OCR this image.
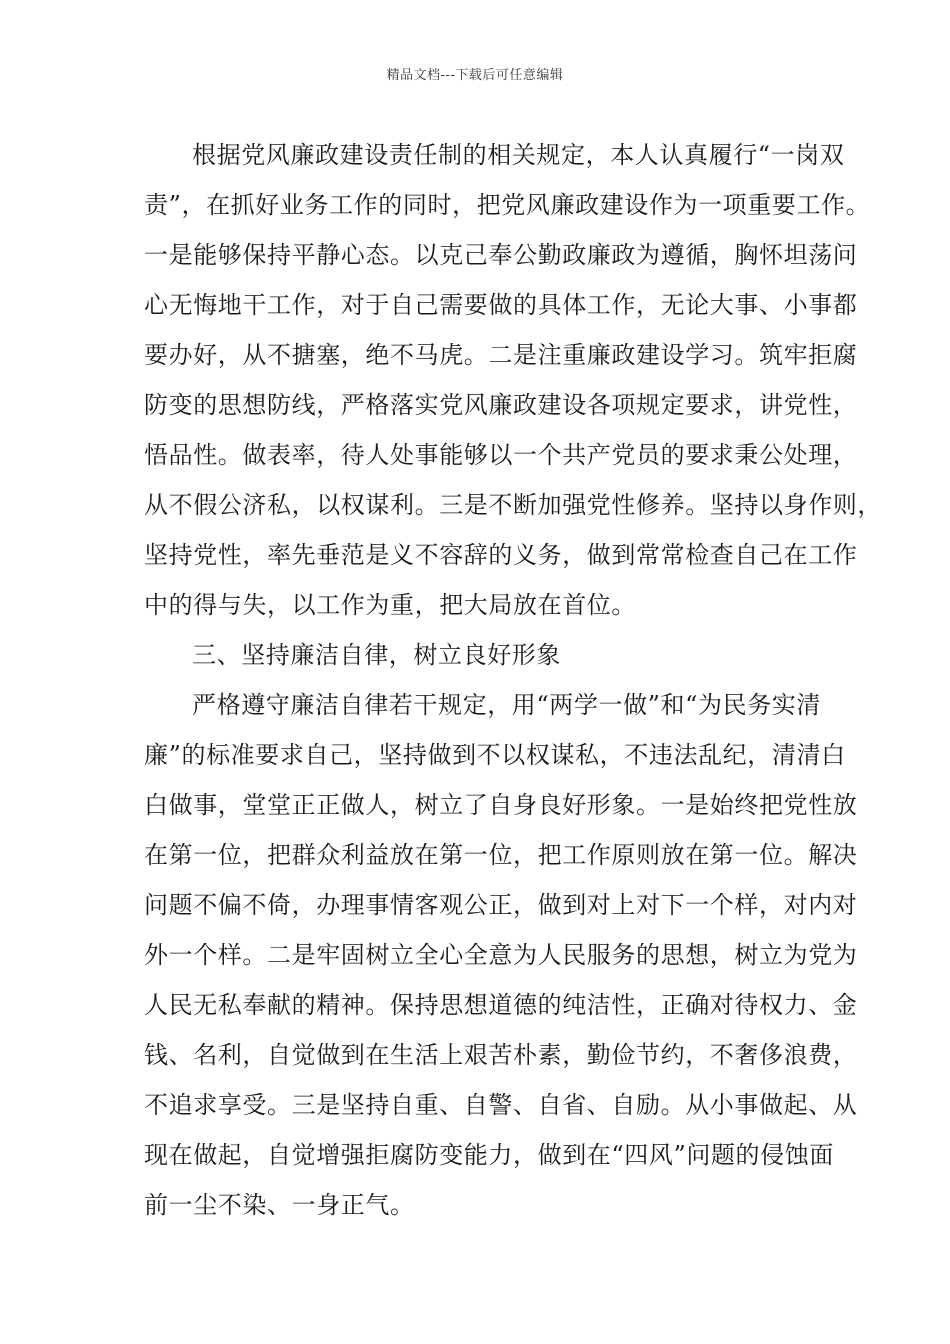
精品文档---下载后可任意编辑
根据党风廉政建设责任制的相关规定，本人认真履行“一岗双
责”，在抓好业务工作的同时，把党风廉政建设作为一项重要工作。
一是能够保持平静心态。以克己奉公勤政廉政为遵循，胸怀坦荡问
心无悔地干工作，对于自己需要做的具体工作，无论大事、小事都
要办好，从不搪塞，绝不马虎。二是注重廉政建设学习。筑牢拒腐
防变的思想防线，严格落实党风廉政建设各项规定要求，讲党性，
悟品性。做表率，待人处事能够以一个共产党员的要求秉公处理，
从不假公济私，以权谋利。三是不断加强党性修养。坚持以身作则，
坚持党性，率先垂范是义不容辞的义务，做到常常检查自己在工作
中的得与失，以工作为重，把大局放在首位。
三、坚持廉洁自律，树立良好形象
严格遵守廉洁自律若干规定，用“两学一做”和“为民务实清
廉”的标准要求自己，坚持做到不以权谋私，不违法乱纪，清清白
白做事，堂堂正正做人，树立了自身良好形象。一是始终把党性放
在第一位，把群众利益放在第一位，把工作原则放在第一位。解决
问题不偏不倚，办理事情客观公正，做到对上对下一个样，对内对
外一个样。二是牢固树立全心全意为人民服务的思想，树立为党为
人民无私奉献的精神。保持思想道德的纯洁性，正确对待权力、金
钱、名利，自觉做到在生活上艰苦朴素，勤俭节约，不奢侈浪费，
不追求享受。三是坚持自重、自警、自省、自励。从小事做起、从
现在做起，自觉增强拒腐防变能力，做到在“四风”问题的侵蚀面
前一尘不染、一身正气。
